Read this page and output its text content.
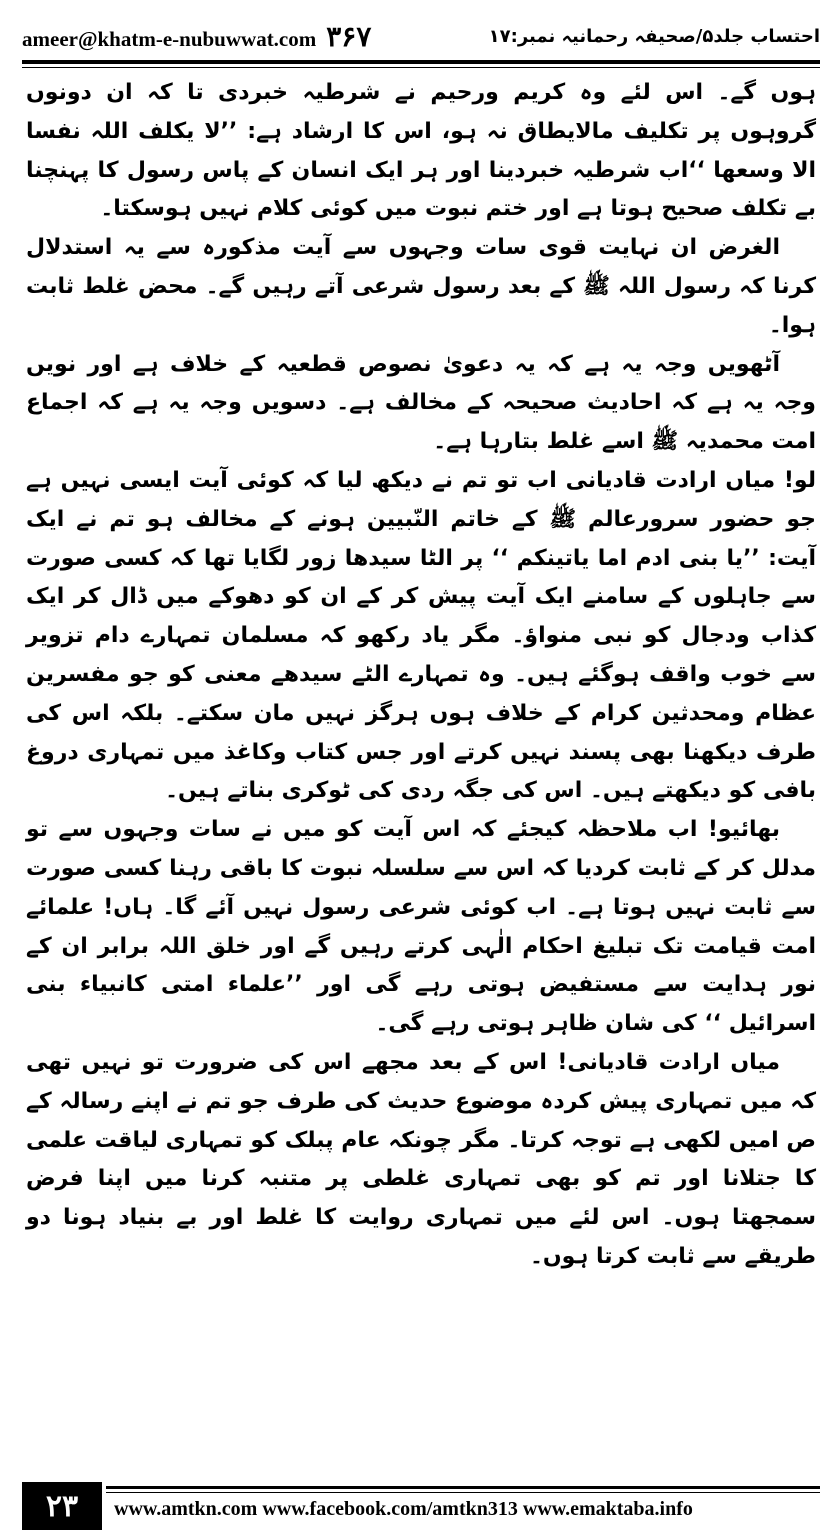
ameer@khatm-e-nubuwwat.com ۳۶۷	احتساب جلد۵/صحیفہ رحمانیہ نمبر:۱۷

ہوں گے۔ اس لئے وہ کریم ورحیم نے شرطیہ خبردی تا کہ ان دونوں گروہوں پر تکلیف مالایطاق نہ ہو، اس کا ارشاد ہے: ’’لا یکلف اللہ نفسا الا وسعھا ‘‘اب شرطیہ خبردینا اور ہر ایک انسان کے پاس رسول کا پہنچنا بے تکلف صحیح ہوتا ہے اور ختم نبوت میں کوئی کلام نہیں ہوسکتا۔

الغرض ان نہایت قوی سات وجہوں سے آیت مذکورہ سے یہ استدلال کرنا کہ رسول اللہ ﷺ کے بعد رسول شرعی آتے رہیں گے۔ محض غلط ثابت ہوا۔

آٹھویں وجہ یہ ہے کہ یہ دعویٰ نصوص قطعیہ کے خلاف ہے اور نویں وجہ یہ ہے کہ احادیث صحیحہ کے مخالف ہے۔ دسویں وجہ یہ ہے کہ اجماع امت محمدیہ ﷺ اسے غلط بتارہا ہے۔

لو! میاں ارادت قادیانی اب تو تم نے دیکھ لیا کہ کوئی آیت ایسی نہیں ہے جو حضور سرورعالم ﷺ کے خاتم النّبیین ہونے کے مخالف ہو تم نے ایک آیت: ’’یا بنی ادم اما یاتینکم ‘‘ پر الٹا سیدھا زور لگایا تھا کہ کسی صورت سے جاہلوں کے سامنے ایک آیت پیش کر کے ان کو دھوکے میں ڈال کر ایک کذاب ودجال کو نبی منواؤ۔ مگر یاد رکھو کہ مسلمان تمہارے دام تزویر سے خوب واقف ہوگئے ہیں۔ وہ تمہارے الٹے سیدھے معنی کو جو مفسرین عظام ومحدثین کرام کے خلاف ہوں ہرگز نہیں مان سکتے۔ بلکہ اس کی طرف دیکھنا بھی پسند نہیں کرتے اور جس کتاب وکاغذ میں تمہاری دروغ بافی کو دیکھتے ہیں۔ اس کی جگہ ردی کی ٹوکری بناتے ہیں۔

بھائیو! اب ملاحظہ کیجئے کہ اس آیت کو میں نے سات وجہوں سے تو مدلل کر کے ثابت کردیا کہ اس سے سلسلہ نبوت کا باقی رہنا کسی صورت سے ثابت نہیں ہوتا ہے۔ اب کوئی شرعی رسول نہیں آئے گا۔ ہاں! علمائے امت قیامت تک تبلیغ احکام الٰہی کرتے رہیں گے اور خلق اللہ برابر ان کے نور ہدایت سے مستفیض ہوتی رہے گی اور ’’علماء امتی کانبیاء بنی اسرائیل ‘‘ کی شان ظاہر ہوتی رہے گی۔

میاں ارادت قادیانی! اس کے بعد مجھے اس کی ضرورت تو نہیں تھی کہ میں تمہاری پیش کردہ موضوع حدیث کی طرف جو تم نے اپنے رسالہ کے ص امیں لکھی ہے توجہ کرتا۔ مگر چونکہ عام پبلک کو تمہاری لیاقت علمی کا جتلانا اور تم کو بھی تمہاری غلطی پر متنبہ کرنا میں اپنا فرض سمجھتا ہوں۔ اس لئے میں تمہاری روایت کا غلط اور بے بنیاد ہونا دو طریقے سے ثابت کرتا ہوں۔

۲۳	www.amtkn.com www.facebook.com/amtkn313 www.emaktaba.info
